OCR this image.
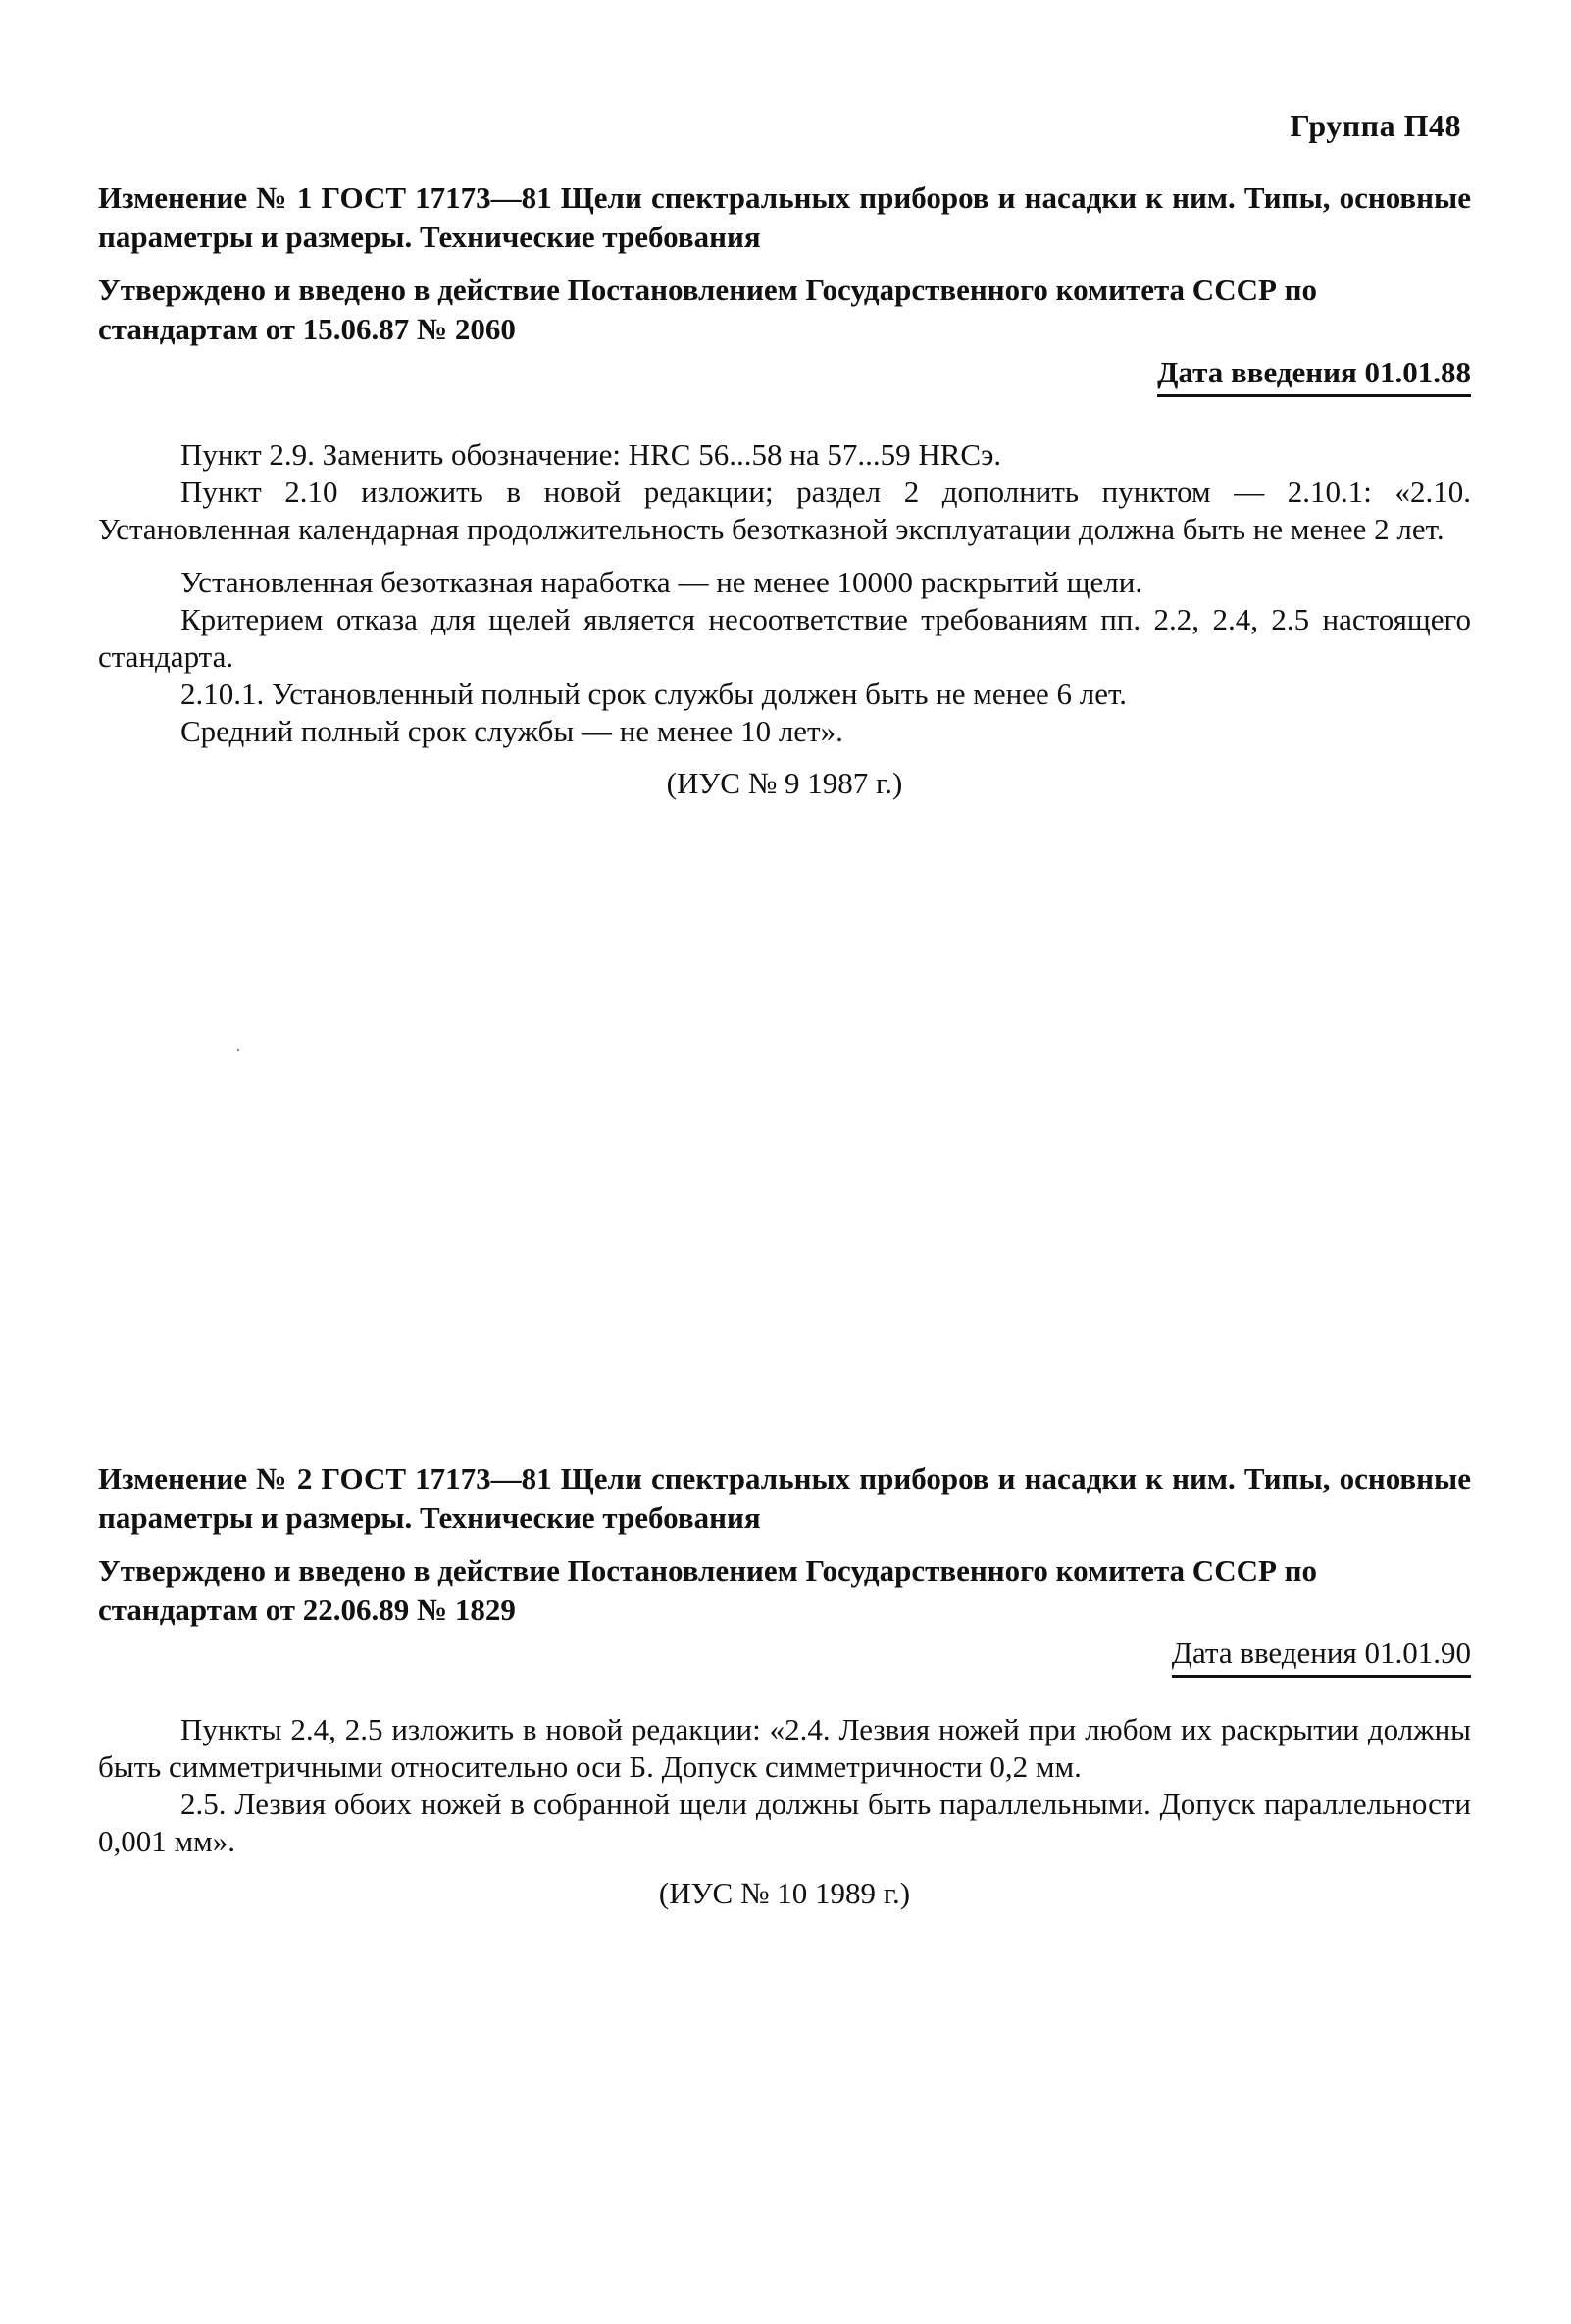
Группа П48

Изменение № 1 ГОСТ 17173—81 Щели спектральных приборов и насадки к ним. Типы, основные параметры и размеры. Технические требования

Утверждено и введено в действие Постановлением Государственного комитета СССР по стандартам от 15.06.87 № 2060

Дата введения 01.01.88

Пункт 2.9. Заменить обозначение: HRC 56...58 на 57...59 HRCэ.

Пункт 2.10 изложить в новой редакции; раздел 2 дополнить пунктом — 2.10.1: «2.10. Установленная календарная продолжительность безотказной эксплуатации должна быть не менее 2 лет.

Установленная безотказная наработка — не менее 10000 раскрытий щели.

Критерием отказа для щелей является несоответствие требованиям пп. 2.2, 2.4, 2.5 настоящего стандарта.

2.10.1. Установленный полный срок службы должен быть не менее 6 лет.

Средний полный срок службы — не менее 10 лет».

(ИУС № 9 1987 г.)

Изменение № 2 ГОСТ 17173—81 Щели спектральных приборов и насадки к ним. Типы, основные параметры и размеры. Технические требования

Утверждено и введено в действие Постановлением Государственного комитета СССР по стандартам от 22.06.89 № 1829

Дата введения 01.01.90

Пункты 2.4, 2.5 изложить в новой редакции: «2.4. Лезвия ножей при любом их раскрытии должны быть симметричными относительно оси Б. Допуск симметричности 0,2 мм.

2.5. Лезвия обоих ножей в собранной щели должны быть параллельными. Допуск параллельности 0,001 мм».

(ИУС № 10 1989 г.)
